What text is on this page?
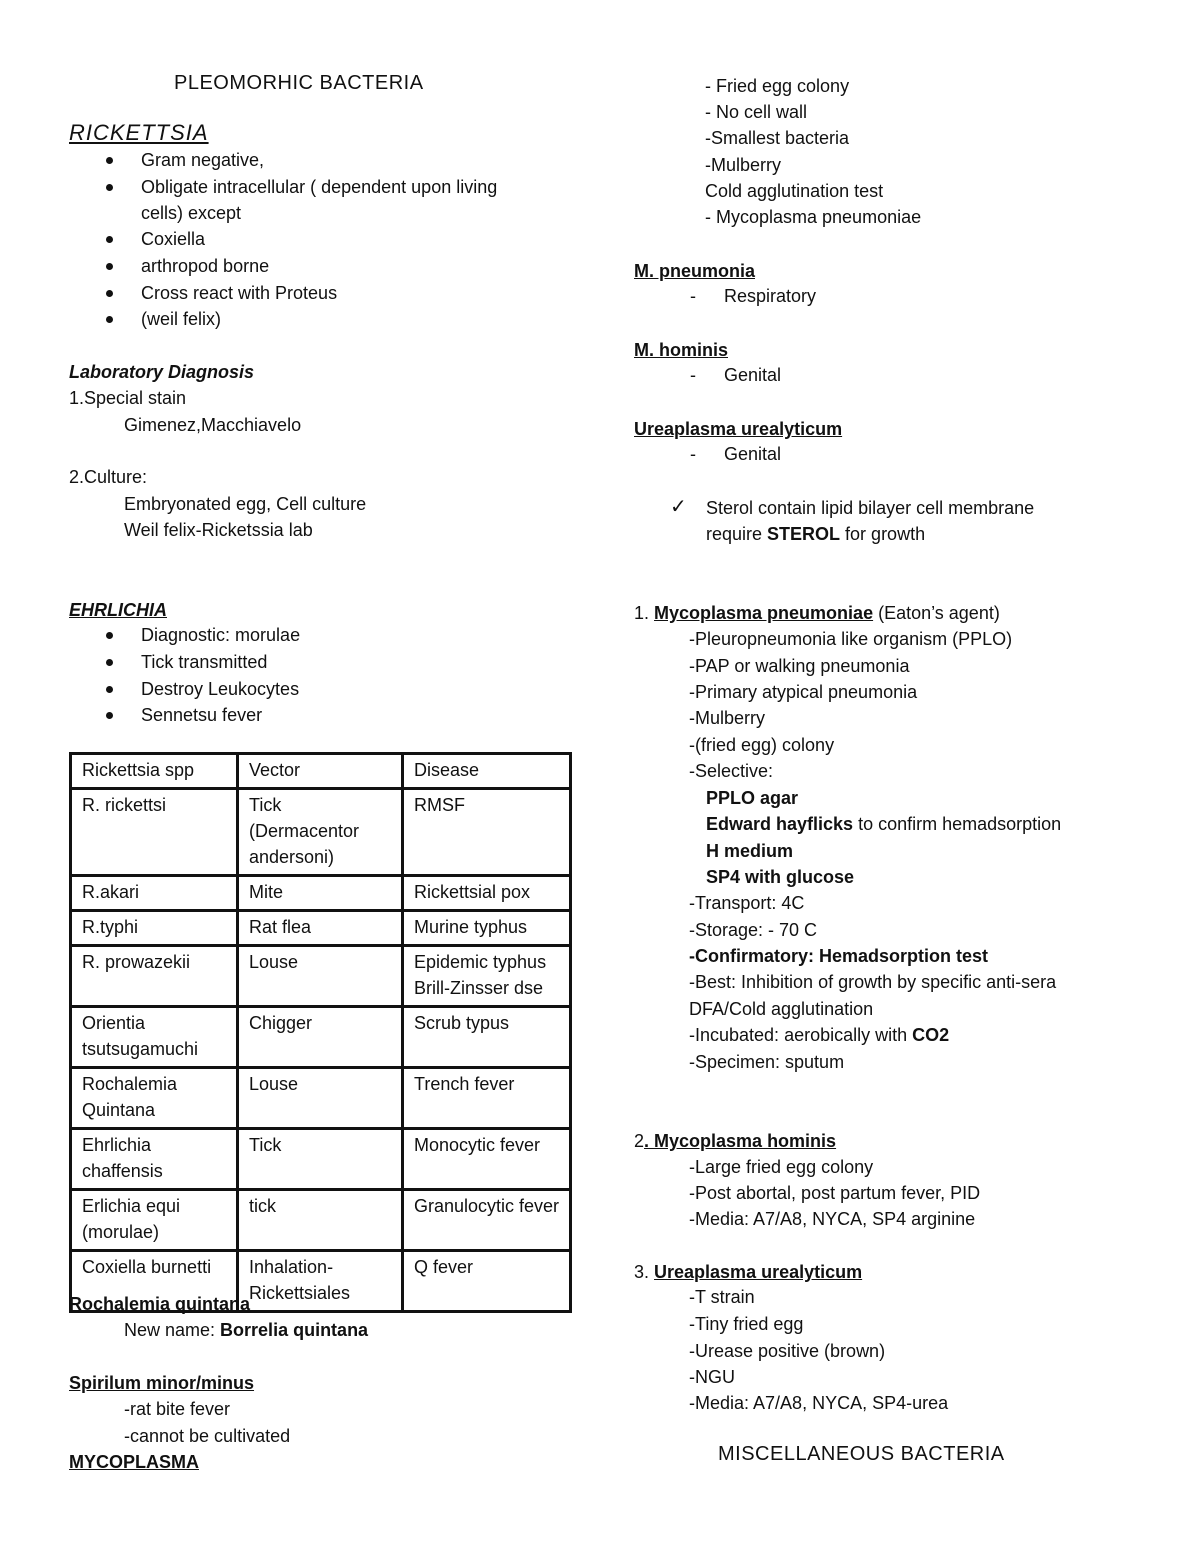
PLEOMORHIC BACTERIA
RICKETTSIA
Gram negative,
Obligate intracellular ( dependent upon living
cells) except
Coxiella
arthropod borne
Cross react with Proteus
(weil felix)
Laboratory Diagnosis
1.Special stain
Gimenez,Macchiavelo
2.Culture:
Embryonated egg, Cell culture
Weil felix-Ricketssia lab
EHRLICHIA
Diagnostic: morulae
Tick transmitted
Destroy Leukocytes
Sennetsu fever
Rickettsia spp	Vector	Disease
R. rickettsi	Tick (Dermacentor andersoni)	RMSF
R.akari	Mite	Rickettsial pox
R.typhi	Rat flea	Murine typhus
R. prowazekii	Louse	Epidemic typhus Brill-Zinsser dse
Orientia tsutsugamuchi	Chigger	Scrub typus
Rochalemia Quintana	Louse	Trench fever
Ehrlichia chaffensis	Tick	Monocytic fever
Erlichia equi (morulae)	tick	Granulocytic fever
Coxiella burnetti	Inhalation-Rickettsiales	Q fever
Rochalemia quintana
New name: Borrelia quintana
Spirilum minor/minus
-rat bite fever
-cannot be cultivated
MYCOPLASMA
- Fried egg colony
- No cell wall
-Smallest bacteria
-Mulberry
Cold agglutination test
- Mycoplasma pneumoniae
M. pneumonia
- Respiratory
M. hominis
- Genital
Ureaplasma urealyticum
- Genital
✓ Sterol contain lipid bilayer cell membrane
require STEROL for growth
1. Mycoplasma pneumoniae (Eaton’s agent)
-Pleuropneumonia like organism (PPLO)
-PAP or walking pneumonia
-Primary atypical pneumonia
-Mulberry
-(fried egg) colony
-Selective:
PPLO agar
Edward hayflicks to confirm hemadsorption
H medium
SP4 with glucose
-Transport: 4C
-Storage: - 70 C
-Confirmatory: Hemadsorption test
-Best: Inhibition of growth by specific anti-sera
DFA/Cold agglutination
-Incubated: aerobically with CO2
-Specimen: sputum
2. Mycoplasma hominis
-Large fried egg colony
-Post abortal, post partum fever, PID
-Media: A7/A8, NYCA, SP4 arginine
3. Ureaplasma urealyticum
-T strain
-Tiny fried egg
-Urease positive (brown)
-NGU
-Media: A7/A8, NYCA, SP4-urea
MISCELLANEOUS BACTERIA
